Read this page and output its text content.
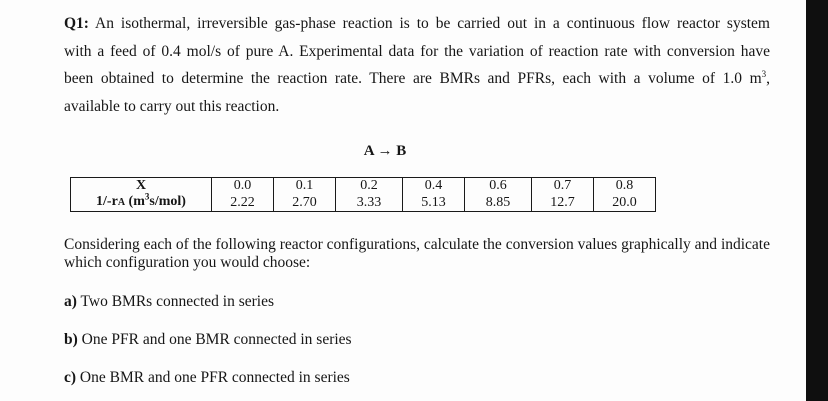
Q1: An isothermal, irreversible gas-phase reaction is to be carried out in a continuous flow reactor system
with a feed of 0.4 mol/s of pure A. Experimental data for the variation of reaction rate with conversion have
been obtained to determine the reaction rate. There are BMRs and PFRs, each with a volume of 1.0 $m^3$,
available to carry out this reaction.
A → B
X	0.0	0.1	0.2	0.4	0.6	0.7	0.8
1/-rA $(m^3s/mol)$	2.22	2.70	3.33	5.13	8.85	12.7	20.0
Considering each of the following reactor configurations, calculate the conversion values graphically and indicate which configuration you would choose:
a) Two BMRs connected in series
b) One PFR and one BMR connected in series
c) One BMR and one PFR connected in series
